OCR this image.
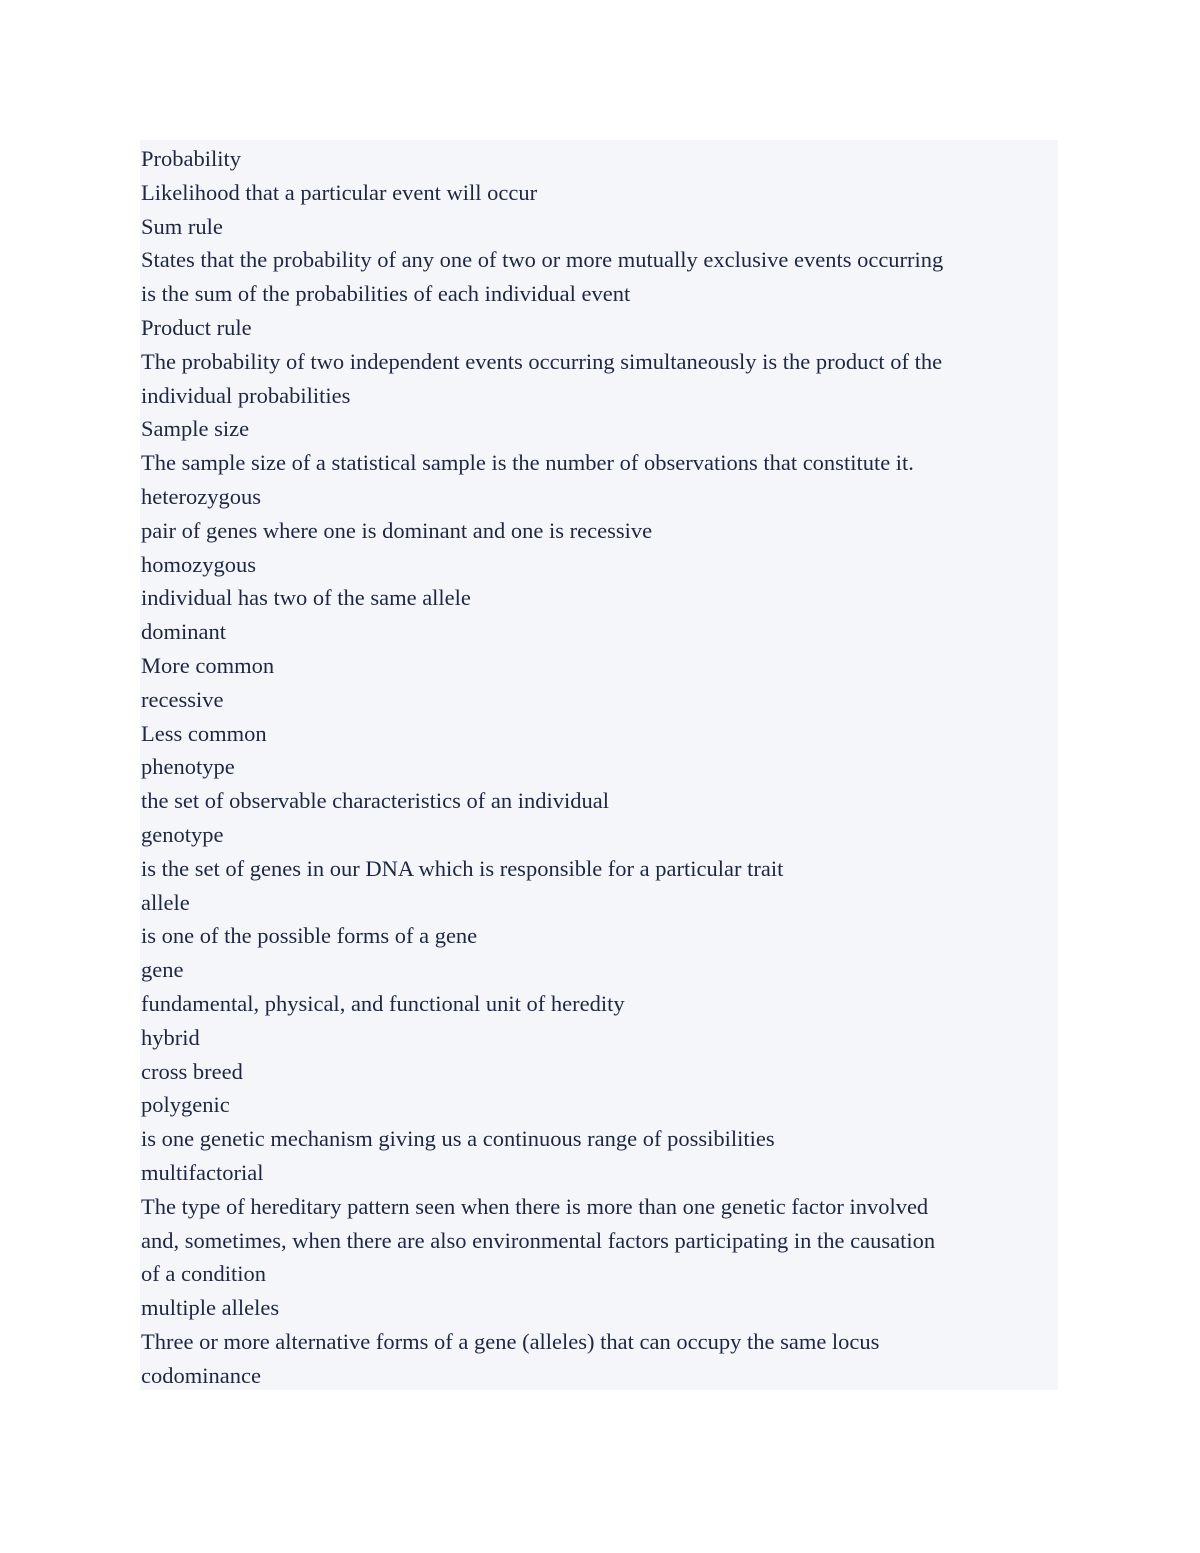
Probability

Likelihood that a particular event will occur

Sum rule

States that the probability of any one of two or more mutually exclusive events occurring

is the sum of the probabilities of each individual event

Product rule

The probability of two independent events occurring simultaneously is the product of the

individual probabilities

Sample size

The sample size of a statistical sample is the number of observations that constitute it.

heterozygous

pair of genes where one is dominant and one is recessive

homozygous

individual has two of the same allele

dominant

More common

recessive

Less common

phenotype

the set of observable characteristics of an individual

genotype

is the set of genes in our DNA which is responsible for a particular trait

allele

is one of the possible forms of a gene

gene

fundamental, physical, and functional unit of heredity

hybrid

cross breed

polygenic

is one genetic mechanism giving us a continuous range of possibilities

multifactorial

The type of hereditary pattern seen when there is more than one genetic factor involved

and, sometimes, when there are also environmental factors participating in the causation

of a condition

multiple alleles

Three or more alternative forms of a gene (alleles) that can occupy the same locus

codominance
